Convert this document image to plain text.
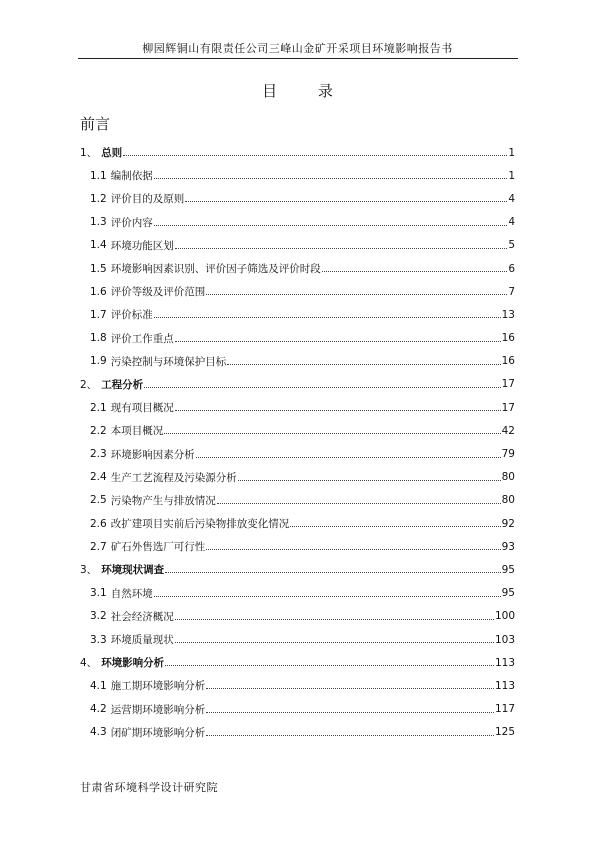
柳园辉铜山有限责任公司三峰山金矿开采项目环境影响报告书
目 录
前言
1、 总则	1
1.1 编制依据	1
1.2 评价目的及原则	4
1.3 评价内容	4
1.4 环境功能区划	5
1.5 环境影响因素识别、评价因子筛选及评价时段	6
1.6 评价等级及评价范围	7
1.7 评价标准	13
1.8 评价工作重点	16
1.9 污染控制与环境保护目标	16
2、 工程分析	17
2.1 现有项目概况	17
2.2 本项目概况	42
2.3 环境影响因素分析	79
2.4 生产工艺流程及污染源分析	80
2.5 污染物产生与排放情况	80
2.6 改扩建项目实前后污染物排放变化情况	92
2.7 矿石外售选厂可行性	93
3、 环境现状调查	95
3.1 自然环境	95
3.2 社会经济概况	100
3.3 环境质量现状	103
4、 环境影响分析	113
4.1 施工期环境影响分析	113
4.2 运营期环境影响分析	117
4.3 闭矿期环境影响分析	125
甘肃省环境科学设计研究院
